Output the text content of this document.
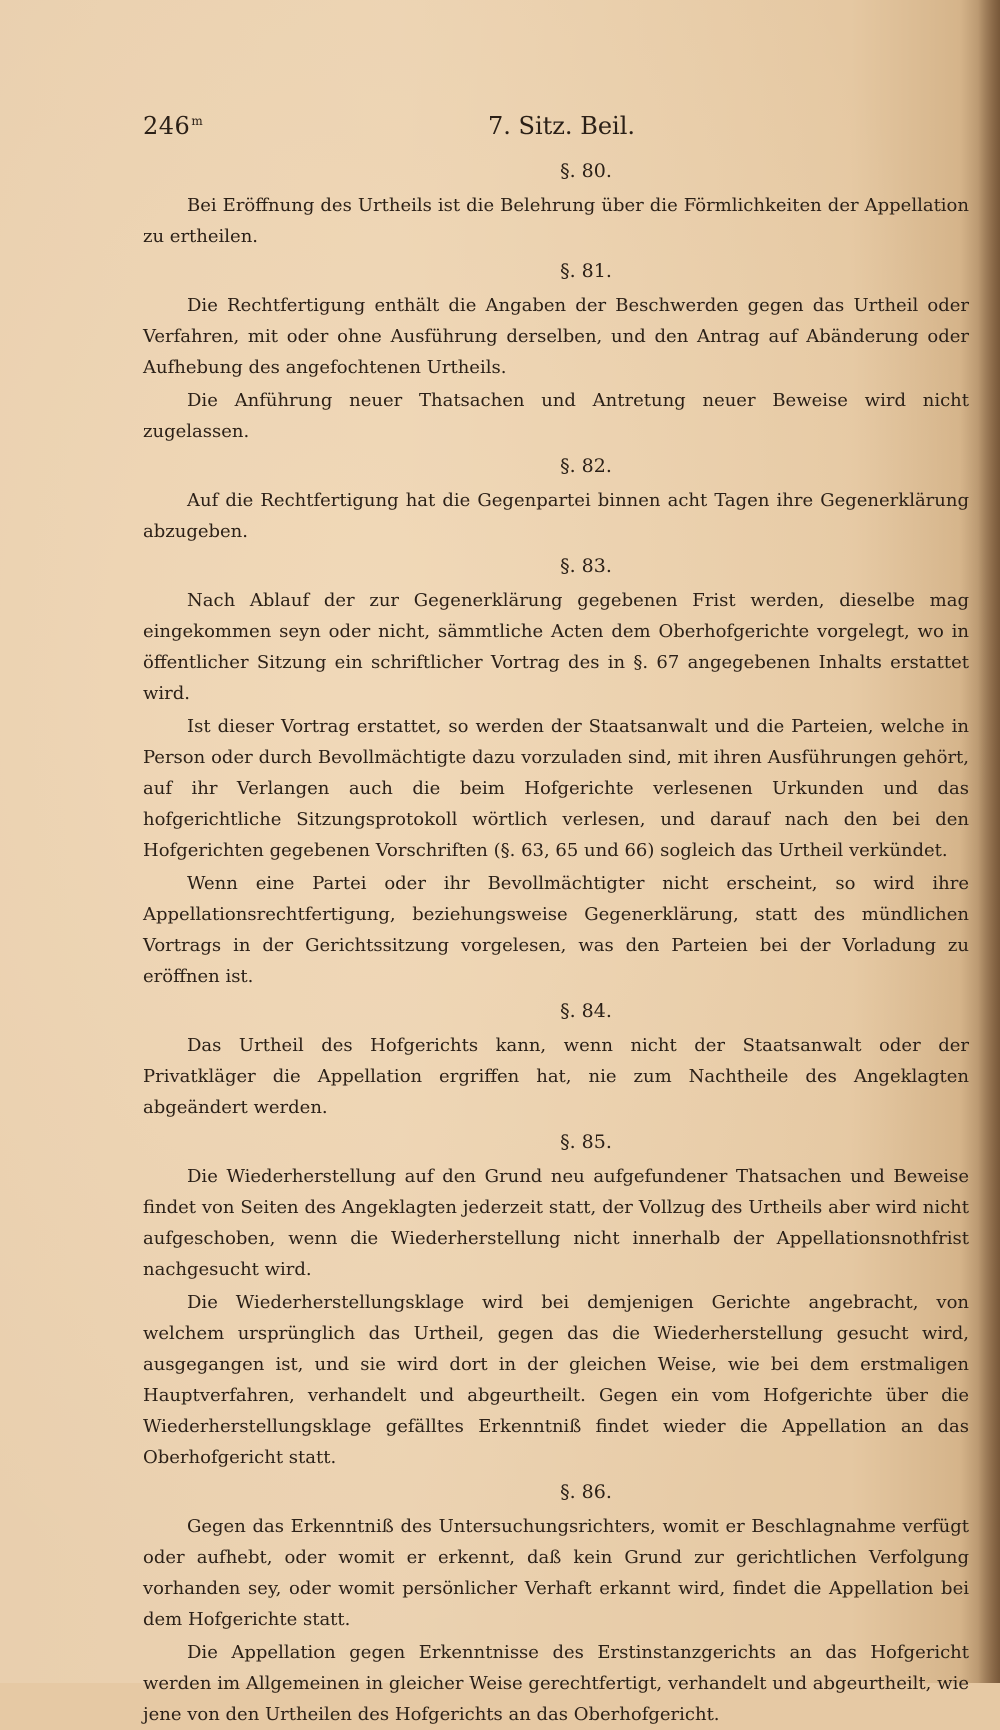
246$^m$	7. Sitz. Beil.
§. 80.

Bei Eröffnung des Urtheils ist die Belehrung über die Förmlichkeiten der Appellation zu ertheilen.

§. 81.

Die Rechtfertigung enthält die Angaben der Beschwerden gegen das Urtheil oder Verfahren, mit oder ohne Ausführung derselben, und den Antrag auf Abänderung oder Aufhebung des angefochtenen Urtheils.

Die Anführung neuer Thatsachen und Antretung neuer Beweise wird nicht zugelassen.

§. 82.

Auf die Rechtfertigung hat die Gegenpartei binnen acht Tagen ihre Gegenerklärung abzugeben.

§. 83.

Nach Ablauf der zur Gegenerklärung gegebenen Frist werden, dieselbe mag eingekommen seyn oder nicht, sämmtliche Acten dem Oberhofgerichte vorgelegt, wo in öffentlicher Sitzung ein schriftlicher Vortrag des in §. 67 angegebenen Inhalts erstattet wird.

Ist dieser Vortrag erstattet, so werden der Staatsanwalt und die Parteien, welche in Person oder durch Bevollmächtigte dazu vorzuladen sind, mit ihren Ausführungen gehört, auf ihr Verlangen auch die beim Hofgerichte verlesenen Urkunden und das hofgerichtliche Sitzungsprotokoll wörtlich verlesen, und darauf nach den bei den Hofgerichten gegebenen Vorschriften (§. 63, 65 und 66) sogleich das Urtheil verkündet.

Wenn eine Partei oder ihr Bevollmächtigter nicht erscheint, so wird ihre Appellationsrechtfertigung, beziehungsweise Gegenerklärung, statt des mündlichen Vortrags in der Gerichtssitzung vorgelesen, was den Parteien bei der Vorladung zu eröffnen ist.

§. 84.

Das Urtheil des Hofgerichts kann, wenn nicht der Staatsanwalt oder der Privatkläger die Appellation ergriffen hat, nie zum Nachtheile des Angeklagten abgeändert werden.

§. 85.

Die Wiederherstellung auf den Grund neu aufgefundener Thatsachen und Beweise findet von Seiten des Angeklagten jederzeit statt, der Vollzug des Urtheils aber wird nicht aufgeschoben, wenn die Wiederherstellung nicht innerhalb der Appellationsnothfrist nachgesucht wird.

Die Wiederherstellungsklage wird bei demjenigen Gerichte angebracht, von welchem ursprünglich das Urtheil, gegen das die Wiederherstellung gesucht wird, ausgegangen ist, und sie wird dort in der gleichen Weise, wie bei dem erstmaligen Hauptverfahren, verhandelt und abgeurtheilt. Gegen ein vom Hofgerichte über die Wiederherstellungsklage gefälltes Erkenntniß findet wieder die Appellation an das Oberhofgericht statt.

§. 86.

Gegen das Erkenntniß des Untersuchungsrichters, womit er Beschlagnahme verfügt oder aufhebt, oder womit er erkennt, daß kein Grund zur gerichtlichen Verfolgung vorhanden sey, oder womit persönlicher Verhaft erkannt wird, findet die Appellation bei dem Hofgerichte statt.

Die Appellation gegen Erkenntnisse des Erstinstanzgerichts an das Hofgericht werden im Allgemeinen in gleicher Weise gerechtfertigt, verhandelt und abgeurtheilt, wie jene von den Urtheilen des Hofgerichts an das Oberhofgericht.
